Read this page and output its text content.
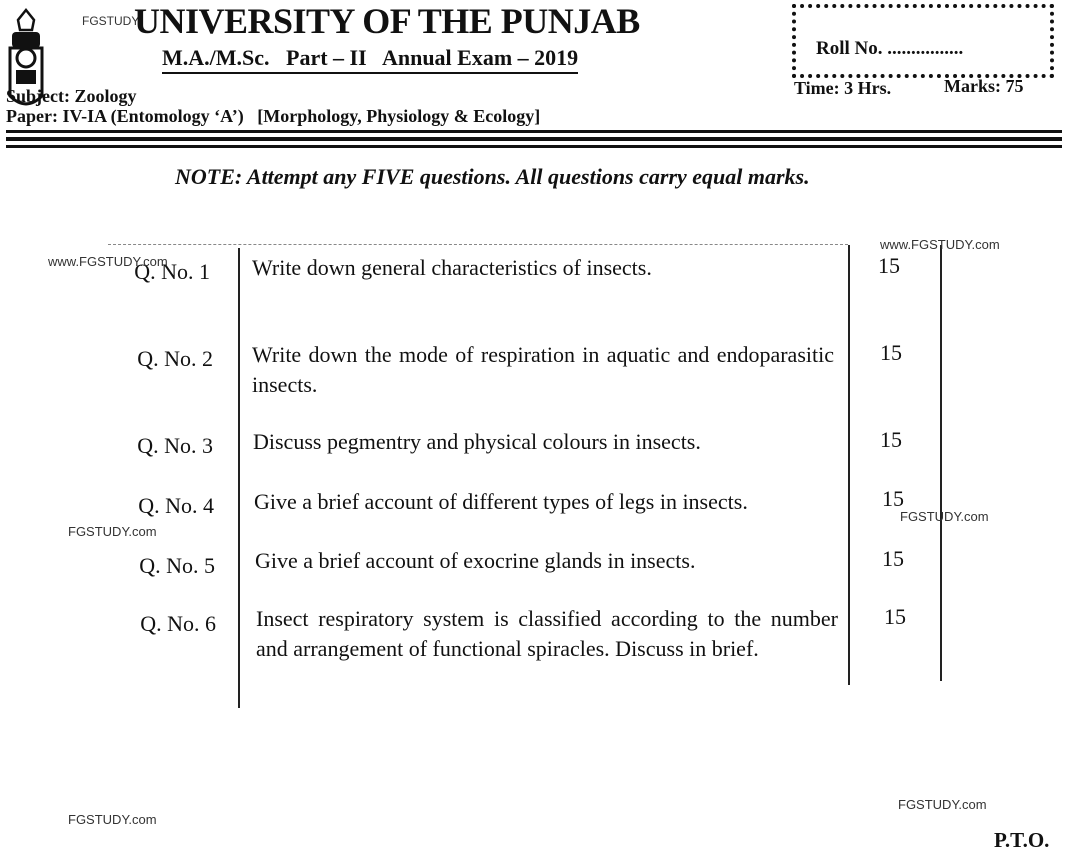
FGSTUDY
UNIVERSITY OF THE PUNJAB
M.A./M.Sc.   Part – II   Annual Exam – 2019
Subject: Zoology
Paper: IV-IA (Entomology ‘A’)   [Morphology, Physiology & Ecology]
Roll No. ................
Time: 3 Hrs.	Marks: 75
NOTE: Attempt any FIVE questions. All questions carry equal marks.
Q. No. 1 Write down general characteristics of insects.	15
Q. No. 2 Write down the mode of respiration in aquatic and endoparasitic insects.
15
Q. No. 3 Discuss pegmentry and physical colours in insects.	15
Q. No. 4 Give a brief account of different types of legs in insects.	15
Q. No. 5 Give a brief account of exocrine glands in insects.	15
Q. No. 6 Insect respiratory system is classified according to the number and arrangement of functional spiracles. Discuss in brief.
15
www.FGSTUDY.com
www.FGSTUDY.com
FGSTUDY.com
FGSTUDY.com
FGSTUDY.com
FGSTUDY.com
P.T.O.
